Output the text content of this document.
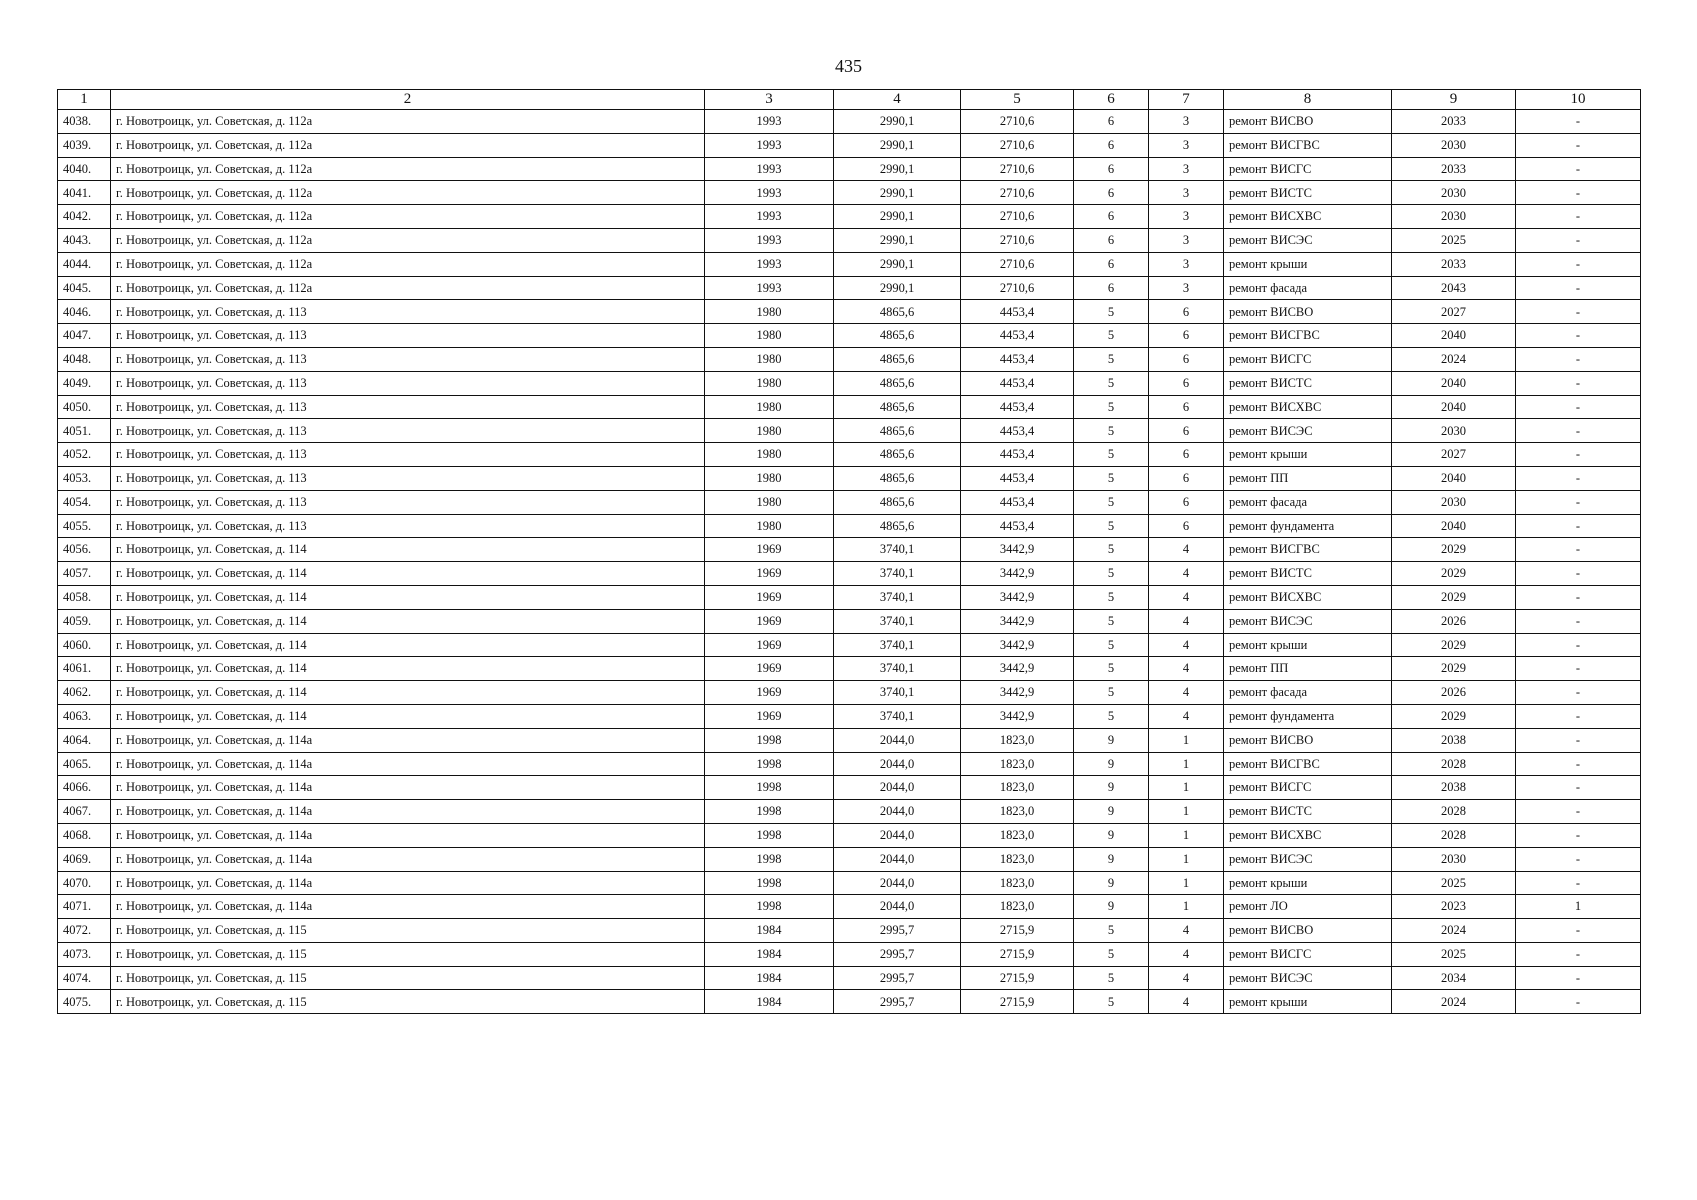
435
1	2	3	4	5	6	7	8	9	10
4038.	г. Новотроицк, ул. Советская, д. 112а	1993	2990,1	2710,6	6	3	ремонт ВИСВО	2033	-
4039.	г. Новотроицк, ул. Советская, д. 112а	1993	2990,1	2710,6	6	3	ремонт ВИСГВС	2030	-
4040.	г. Новотроицк, ул. Советская, д. 112а	1993	2990,1	2710,6	6	3	ремонт ВИСГС	2033	-
4041.	г. Новотроицк, ул. Советская, д. 112а	1993	2990,1	2710,6	6	3	ремонт ВИСТС	2030	-
4042.	г. Новотроицк, ул. Советская, д. 112а	1993	2990,1	2710,6	6	3	ремонт ВИСХВС	2030	-
4043.	г. Новотроицк, ул. Советская, д. 112а	1993	2990,1	2710,6	6	3	ремонт ВИСЭС	2025	-
4044.	г. Новотроицк, ул. Советская, д. 112а	1993	2990,1	2710,6	6	3	ремонт крыши	2033	-
4045.	г. Новотроицк, ул. Советская, д. 112а	1993	2990,1	2710,6	6	3	ремонт фасада	2043	-
4046.	г. Новотроицк, ул. Советская, д. 113	1980	4865,6	4453,4	5	6	ремонт ВИСВО	2027	-
4047.	г. Новотроицк, ул. Советская, д. 113	1980	4865,6	4453,4	5	6	ремонт ВИСГВС	2040	-
4048.	г. Новотроицк, ул. Советская, д. 113	1980	4865,6	4453,4	5	6	ремонт ВИСГС	2024	-
4049.	г. Новотроицк, ул. Советская, д. 113	1980	4865,6	4453,4	5	6	ремонт ВИСТС	2040	-
4050.	г. Новотроицк, ул. Советская, д. 113	1980	4865,6	4453,4	5	6	ремонт ВИСХВС	2040	-
4051.	г. Новотроицк, ул. Советская, д. 113	1980	4865,6	4453,4	5	6	ремонт ВИСЭС	2030	-
4052.	г. Новотроицк, ул. Советская, д. 113	1980	4865,6	4453,4	5	6	ремонт крыши	2027	-
4053.	г. Новотроицк, ул. Советская, д. 113	1980	4865,6	4453,4	5	6	ремонт ПП	2040	-
4054.	г. Новотроицк, ул. Советская, д. 113	1980	4865,6	4453,4	5	6	ремонт фасада	2030	-
4055.	г. Новотроицк, ул. Советская, д. 113	1980	4865,6	4453,4	5	6	ремонт фундамента	2040	-
4056.	г. Новотроицк, ул. Советская, д. 114	1969	3740,1	3442,9	5	4	ремонт ВИСГВС	2029	-
4057.	г. Новотроицк, ул. Советская, д. 114	1969	3740,1	3442,9	5	4	ремонт ВИСТС	2029	-
4058.	г. Новотроицк, ул. Советская, д. 114	1969	3740,1	3442,9	5	4	ремонт ВИСХВС	2029	-
4059.	г. Новотроицк, ул. Советская, д. 114	1969	3740,1	3442,9	5	4	ремонт ВИСЭС	2026	-
4060.	г. Новотроицк, ул. Советская, д. 114	1969	3740,1	3442,9	5	4	ремонт крыши	2029	-
4061.	г. Новотроицк, ул. Советская, д. 114	1969	3740,1	3442,9	5	4	ремонт ПП	2029	-
4062.	г. Новотроицк, ул. Советская, д. 114	1969	3740,1	3442,9	5	4	ремонт фасада	2026	-
4063.	г. Новотроицк, ул. Советская, д. 114	1969	3740,1	3442,9	5	4	ремонт фундамента	2029	-
4064.	г. Новотроицк, ул. Советская, д. 114а	1998	2044,0	1823,0	9	1	ремонт ВИСВО	2038	-
4065.	г. Новотроицк, ул. Советская, д. 114а	1998	2044,0	1823,0	9	1	ремонт ВИСГВС	2028	-
4066.	г. Новотроицк, ул. Советская, д. 114а	1998	2044,0	1823,0	9	1	ремонт ВИСГС	2038	-
4067.	г. Новотроицк, ул. Советская, д. 114а	1998	2044,0	1823,0	9	1	ремонт ВИСТС	2028	-
4068.	г. Новотроицк, ул. Советская, д. 114а	1998	2044,0	1823,0	9	1	ремонт ВИСХВС	2028	-
4069.	г. Новотроицк, ул. Советская, д. 114а	1998	2044,0	1823,0	9	1	ремонт ВИСЭС	2030	-
4070.	г. Новотроицк, ул. Советская, д. 114а	1998	2044,0	1823,0	9	1	ремонт крыши	2025	-
4071.	г. Новотроицк, ул. Советская, д. 114а	1998	2044,0	1823,0	9	1	ремонт ЛО	2023	1
4072.	г. Новотроицк, ул. Советская, д. 115	1984	2995,7	2715,9	5	4	ремонт ВИСВО	2024	-
4073.	г. Новотроицк, ул. Советская, д. 115	1984	2995,7	2715,9	5	4	ремонт ВИСГС	2025	-
4074.	г. Новотроицк, ул. Советская, д. 115	1984	2995,7	2715,9	5	4	ремонт ВИСЭС	2034	-
4075.	г. Новотроицк, ул. Советская, д. 115	1984	2995,7	2715,9	5	4	ремонт крыши	2024	-
